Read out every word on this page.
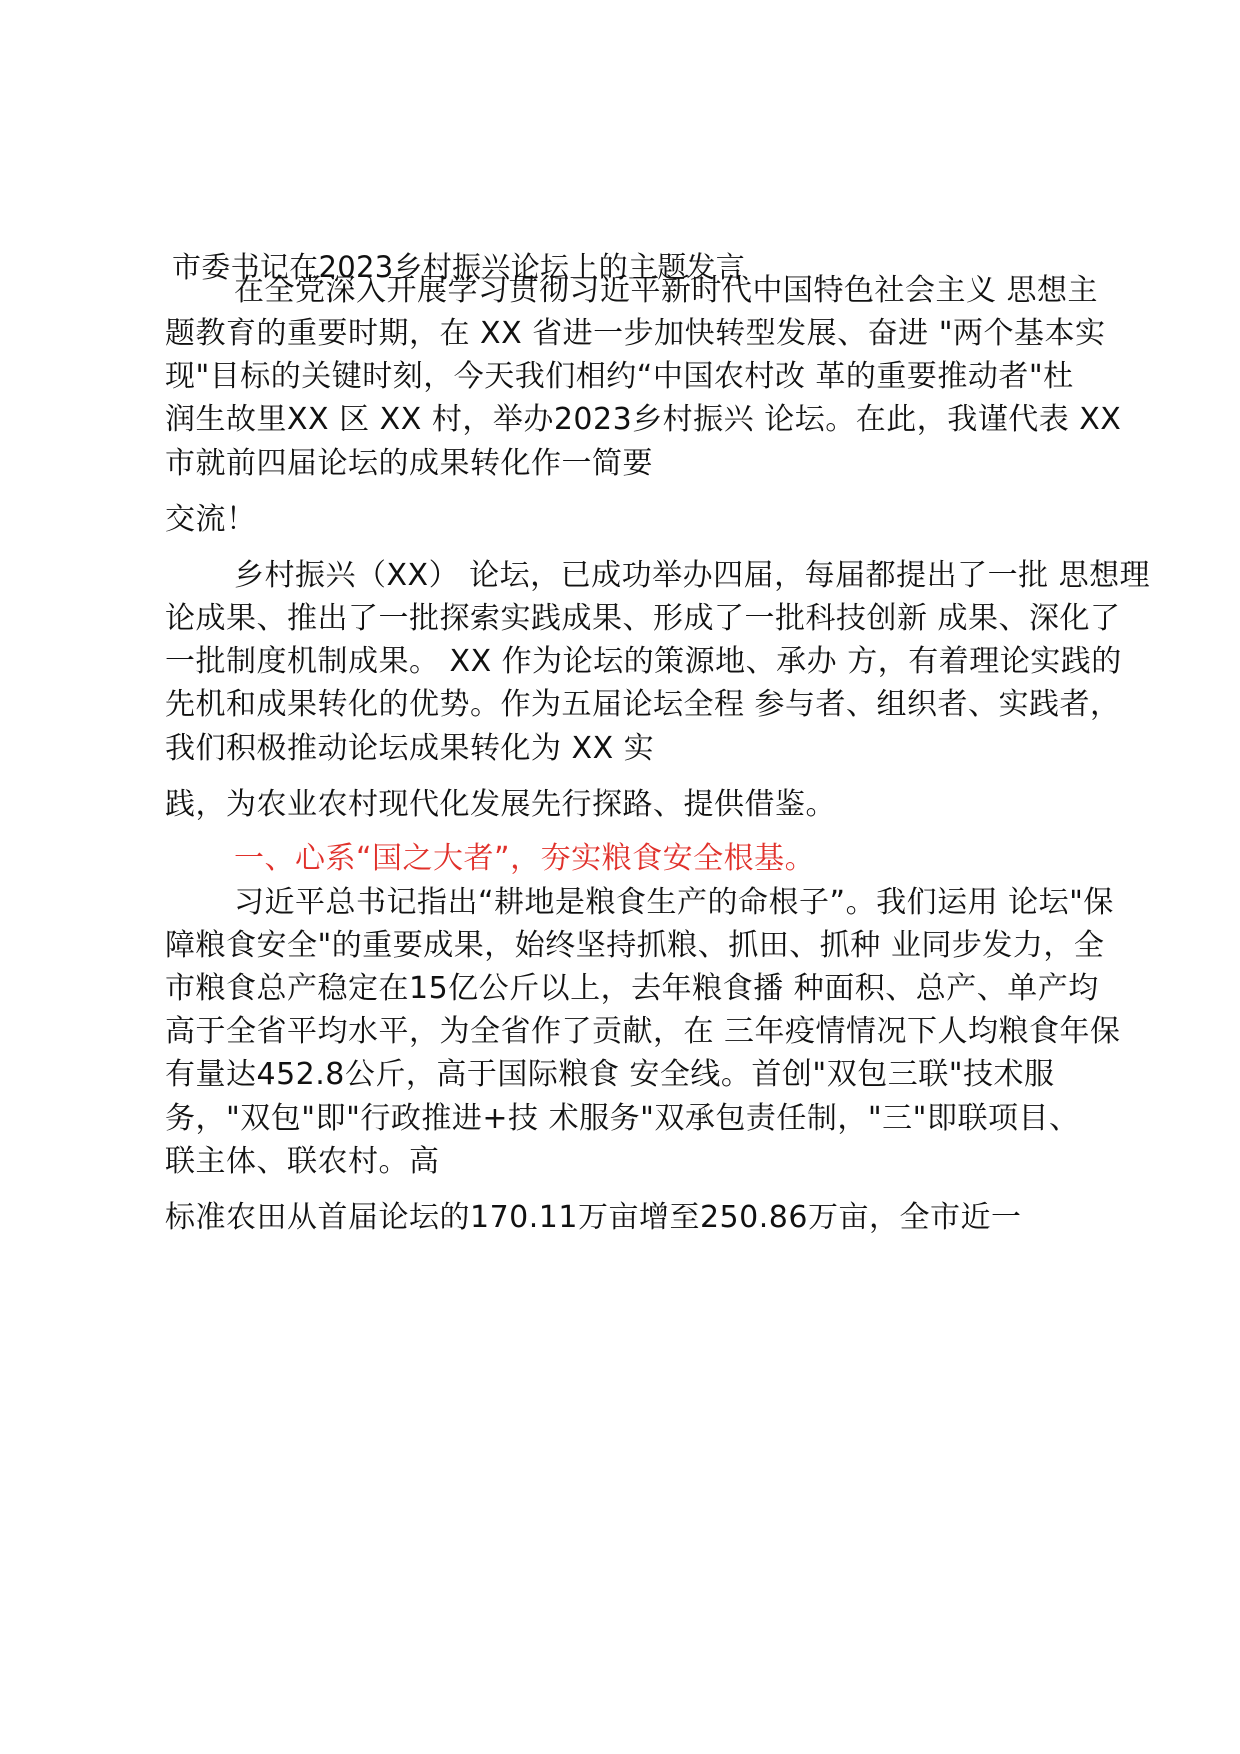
市委书记在2023乡村振兴论坛上的主题发言
在全党深入开展学习贯彻习近平新时代中国特色社会主义 思想主
题教育的重要时期，在 XX 省进一步加快转型发展、奋进 "两个基本实
现"目标的关键时刻，今天我们相约“中国农村改 革的重要推动者"杜
润生故里XX 区 XX 村，举办2023乡村振兴 论坛。在此，我谨代表 XX
市就前四届论坛的成果转化作一简要
交流！
乡村振兴（XX） 论坛，已成功举办四届，每届都提出了一批 思想理
论成果、推出了一批探索实践成果、形成了一批科技创新 成果、深化了
一批制度机制成果。 XX 作为论坛的策源地、承办 方，有着理论实践的
先机和成果转化的优势。作为五届论坛全程 参与者、组织者、实践者，
我们积极推动论坛成果转化为 XX 实
践，为农业农村现代化发展先行探路、提供借鉴。
一、心系“国之大者”，夯实粮食安全根基。
习近平总书记指出“耕地是粮食生产的命根子”。我们运用 论坛"保
障粮食安全"的重要成果，始终坚持抓粮、抓田、抓种 业同步发力，全
市粮食总产稳定在15亿公斤以上，去年粮食播 种面积、总产、单产均
高于全省平均水平，为全省作了贡献，在 三年疫情情况下人均粮食年保
有量达452.8公斤，高于国际粮食 安全线。首创"双包三联"技术服
务，"双包"即"行政推进+技 术服务"双承包责任制，"三"即联项目、
联主体、联农村。高
标准农田从首届论坛的170.11万亩增至250.86万亩，全市近一
